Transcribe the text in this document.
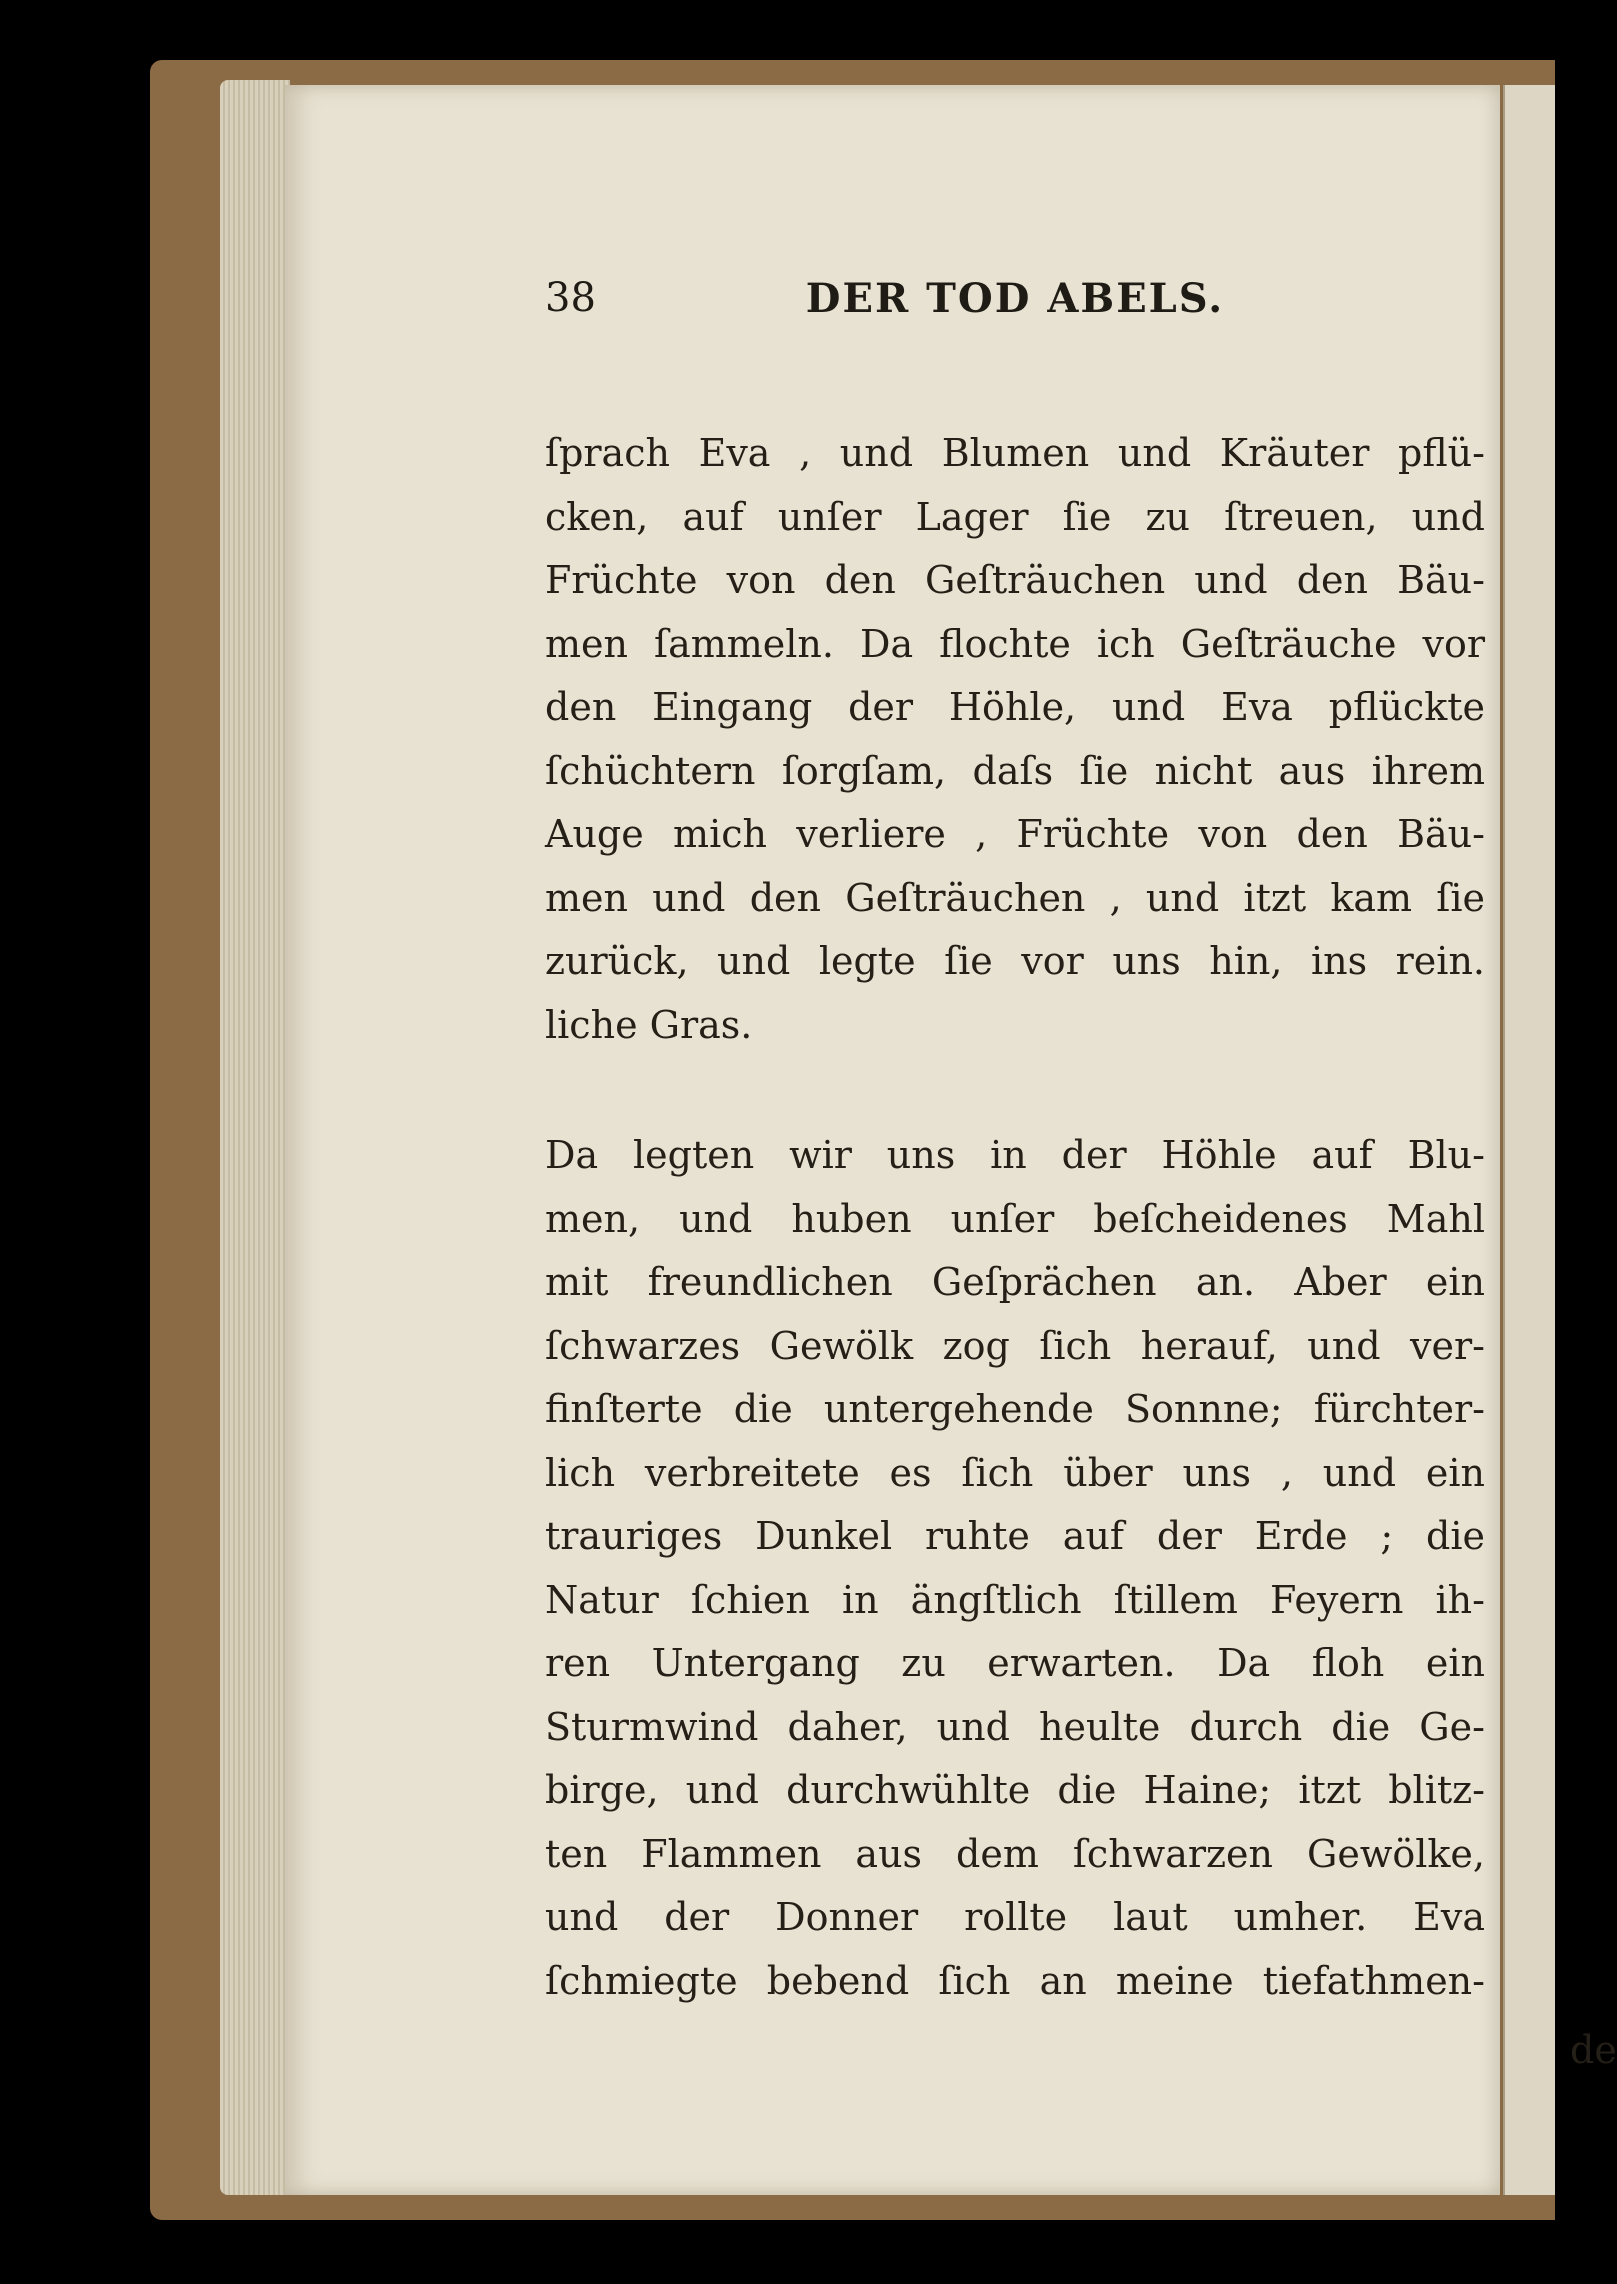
38	DER TOD ABELS.
ſprach Eva , und Blumen und Kräuter pflü-
cken, auf unſer Lager ſie zu ſtreuen, und
Früchte von den Geſträuchen und den Bäu-
men ſammeln. Da flochte ich Geſträuche vor
den Eingang der Höhle, und Eva pflückte
ſchüchtern ſorgſam, daſs ſie nicht aus ihrem
Auge mich verliere , Früchte von den Bäu-
men und den Geſträuchen , und itzt kam ſie
zurück, und legte ſie vor uns hin, ins rein.
liche Gras.
Da legten wir uns in der Höhle auf Blu-
men, und huben unſer beſcheidenes Mahl
mit freundlichen Geſprächen an. Aber ein
ſchwarzes Gewölk zog ſich herauf, und ver-
finſterte die untergehende Sonnne; fürchter-
lich verbreitete es ſich über uns , und ein
trauriges Dunkel ruhte auf der Erde ; die
Natur ſchien in ängſtlich ſtillem Feyern ih-
ren Untergang zu erwarten. Da floh ein
Sturmwind daher, und heulte durch die Ge-
birge, und durchwühlte die Haine; itzt blitz-
ten Flammen aus dem ſchwarzen Gewölke,
und der Donner rollte laut umher. Eva
ſchmiegte bebend ſich an meine tiefathmen-
de
